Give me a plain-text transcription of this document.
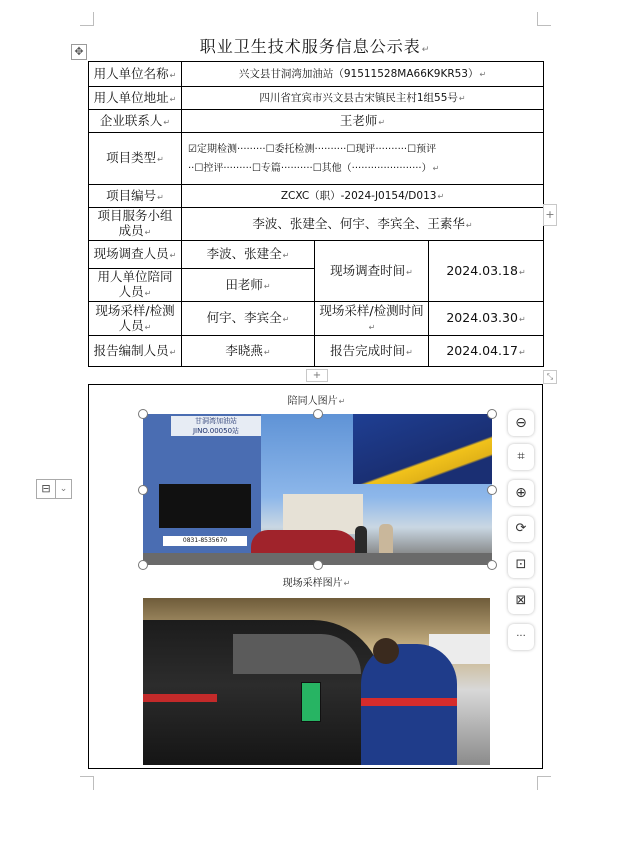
✥	职业卫生技术服务信息公示表↵
用人单位名称↵	兴文县甘洞湾加油站（91511528MA66K9KR53）↵		
用人单位地址↵	四川省宜宾市兴文县古宋镇民主村1组55号↵		
企业联系人↵	王老师↵		
项目类型↵	☑定期检测·········☐委托检测··········☐现评··········☐预评
··☐控评·········☐专篇··········☐其他（······················）↵		
项目编号↵	ZCXC（职）-2024-J0154/D013↵		
项目服务小组成员↵	李波、张建全、何宇、李宾全、王素华↵		
现场调查人员↵	李波、张建全↵	现场调查时间↵	2024.03.18↵
用人单位陪同人员↵	田老师↵		
现场采样/检测人员↵	何宇、李宾全↵	现场采样/检测时间↵	2024.03.30↵
报告编制人员↵	李晓燕↵	报告完成时间↵	2024.04.17↵
+
+	⤡
陪同人图片↵
甘洞湾加油站
JINO.00050站
0831-8535670
现场采样图片↵
⊖
⌗
⊕
⟳
⊡
⊠
···
⊟	⌄
